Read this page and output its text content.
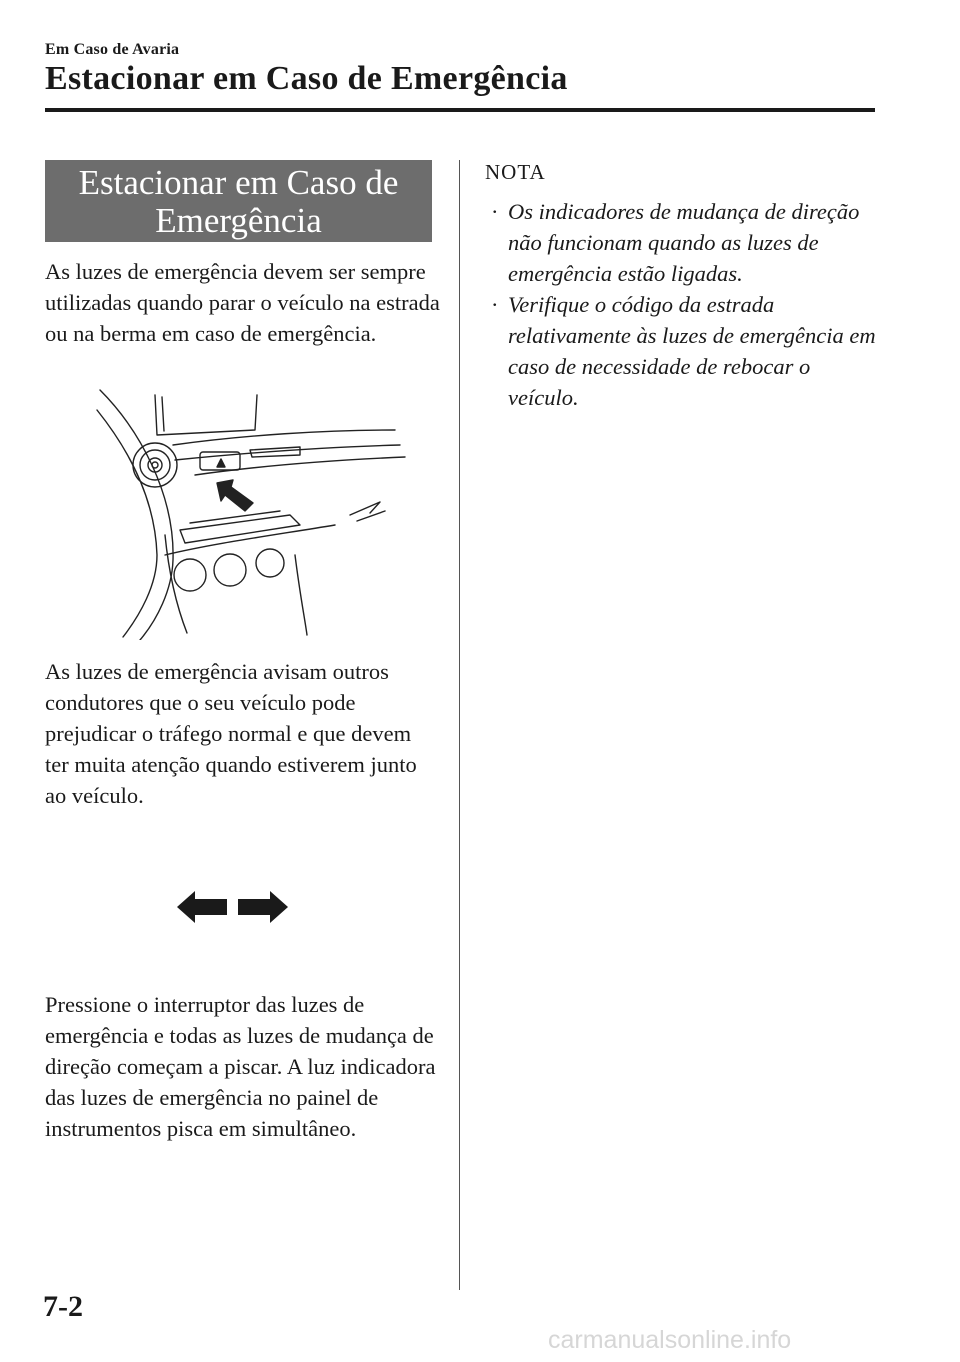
Em Caso de Avaria
Estacionar em Caso de Emergência
Estacionar em Caso de
Emergência

As luzes de emergência devem ser sempre utilizadas quando parar o veículo na estrada ou na berma em caso de emergência.

As luzes de emergência avisam outros condutores que o seu veículo pode prejudicar o tráfego normal e que devem ter muita atenção quando estiverem junto ao veículo.

Pressione o interruptor das luzes de emergência e todas as luzes de mudança de direção começam a piscar. A luz indicadora das luzes de emergência no painel de instrumentos pisca em simultâneo.

NOTA
· Os indicadores de mudança de direção não funcionam quando as luzes de emergência estão ligadas.
· Verifique o código da estrada relativamente às luzes de emergência em caso de necessidade de rebocar o veículo.
7-2
carmanualsonline.info
